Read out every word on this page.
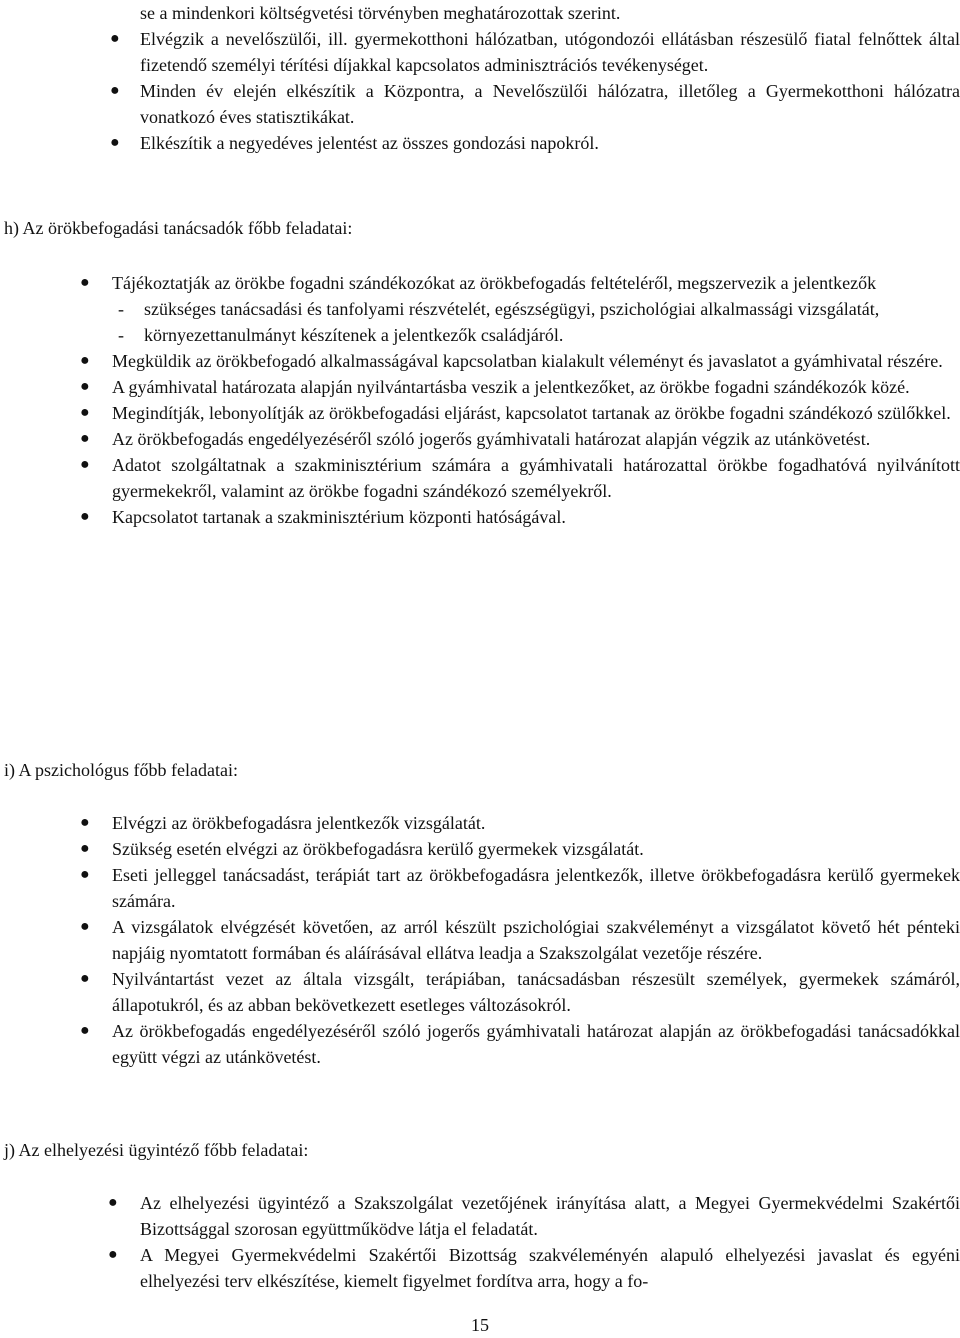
se a mindenkori költségvetési törvényben meghatározottak szerint.
● Elvégzik a nevelőszülői, ill. gyermekotthoni hálózatban, utógondozói ellátásban részesülő fiatal felnőttek által fizetendő személyi térítési díjakkal kapcsolatos adminisztrációs tevékenységet.
● Minden év elején elkészítik a Központra, a Nevelőszülői hálózatra, illetőleg a Gyermekotthoni hálózatra vonatkozó éves statisztikákat.
● Elkészítik a negyedéves jelentést az összes gondozási napokról.
h) Az örökbefogadási tanácsadók főbb feladatai:
● Tájékoztatják az örökbe fogadni szándékozókat az örökbefogadás feltételéről, megszervezik a jelentkezők
- szükséges tanácsadási és tanfolyami részvételét, egészségügyi, pszichológiai alkalmassági vizsgálatát,
- környezettanulmányt készítenek a jelentkezők családjáról.
● Megküldik az örökbefogadó alkalmasságával kapcsolatban kialakult véleményt és javaslatot a gyámhivatal részére.
● A gyámhivatal határozata alapján nyilvántartásba veszik a jelentkezőket, az örökbe fogadni szándékozók közé.
● Megindítják, lebonyolítják az örökbefogadási eljárást, kapcsolatot tartanak az örökbe fogadni szándékozó szülőkkel.
● Az örökbefogadás engedélyezéséről szóló jogerős gyámhivatali határozat alapján végzik az utánkövetést.
● Adatot szolgáltatnak a szakminisztérium számára a gyámhivatali határozattal örökbe fogadhatóvá nyilvánított gyermekekről, valamint az örökbe fogadni szándékozó személyekről.
● Kapcsolatot tartanak a szakminisztérium központi hatóságával.
i) A pszichológus főbb feladatai:
● Elvégzi az örökbefogadásra jelentkezők vizsgálatát.
● Szükség esetén elvégzi az örökbefogadásra kerülő gyermekek vizsgálatát.
● Eseti jelleggel tanácsadást, terápiát tart az örökbefogadásra jelentkezők, illetve örökbefogadásra kerülő gyermekek számára.
● A vizsgálatok elvégzését követően, az arról készült pszichológiai szakvéleményt a vizsgálatot követő hét pénteki napjáig nyomtatott formában és aláírásával ellátva leadja a Szakszolgálat vezetője részére.
● Nyilvántartást vezet az általa vizsgált, terápiában, tanácsadásban részesült személyek, gyermekek számáról, állapotukról, és az abban bekövetkezett esetleges változásokról.
● Az örökbefogadás engedélyezéséről szóló jogerős gyámhivatali határozat alapján az örökbefogadási tanácsadókkal együtt végzi az utánkövetést.
j) Az elhelyezési ügyintéző főbb feladatai:
● Az elhelyezési ügyintéző a Szakszolgálat vezetőjének irányítása alatt, a Megyei Gyermekvédelmi Szakértői Bizottsággal szorosan együttműködve látja el feladatát.
● A Megyei Gyermekvédelmi Szakértői Bizottság szakvéleményén alapuló elhelyezési javaslat és egyéni elhelyezési terv elkészítése, kiemelt figyelmet fordítva arra, hogy a fo-
15
